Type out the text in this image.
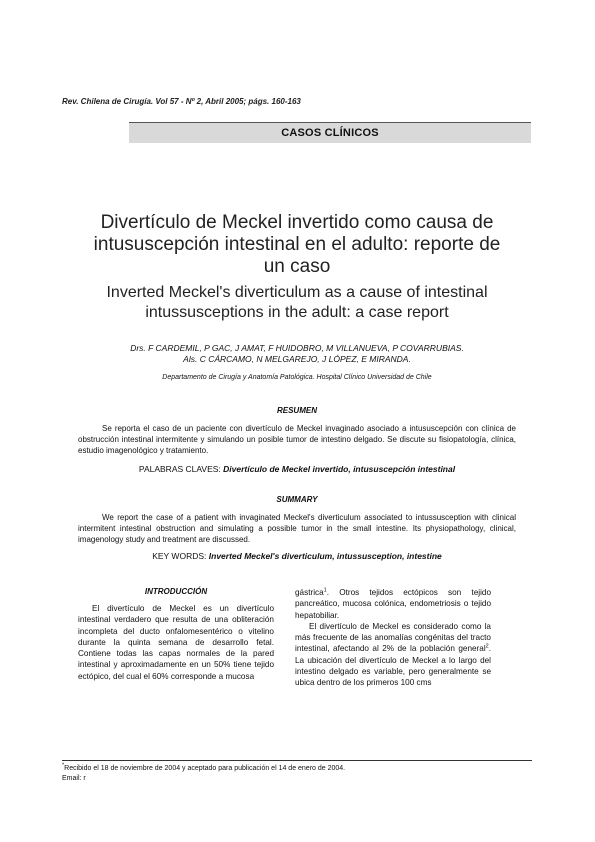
Rev. Chilena de Cirugía. Vol 57 - Nº 2, Abril 2005; págs. 160-163
CASOS CLÍNICOS
Divertículo de Meckel invertido como causa de
intususcepción intestinal en el adulto: reporte de
un caso
Inverted Meckel's diverticulum as a cause of intestinal
intussusceptions in the adult: a case report
Drs. F CARDEMIL, P GAC, J AMAT, F HUIDOBRO, M VILLANUEVA, P COVARRUBIAS.
Als. C CÁRCAMO, N MELGAREJO, J LÓPEZ, E MIRANDA.
Departamento de Cirugía y Anatomía Patológica. Hospital Clínico Universidad de Chile
RESUMEN
Se reporta el caso de un paciente con divertículo de Meckel invaginado asociado a intususcepción con clínica de obstrucción intestinal intermitente y simulando un posible tumor de intestino delgado. Se discute su fisiopatología, clínica, estudio imagenológico y tratamiento.
PALABRAS CLAVES: Divertículo de Meckel invertido, intususcepción intestinal
SUMMARY
We report the case of a patient with invaginated Meckel's diverticulum associated to intussusception with clinical intermitent intestinal obstruction and simulating a possible tumor in the small intestine. Its physiopathology, clinical, imagenology study and treatment are discussed.
KEY WORDS: Inverted Meckel's diverticulum, intussusception, intestine
INTRODUCCIÓN

El divertículo de Meckel es un divertículo intestinal verdadero que resulta de una obliteración incompleta del ducto onfalomesentérico o vitelino durante la quinta semana de desarrollo fetal. Contiene todas las capas normales de la pared intestinal y aproximadamente en un 50% tiene tejido ectópico, del cual el 60% corresponde a mucosa

gástrica$^1$. Otros tejidos ectópicos son tejido pancreático, mucosa colónica, endometriosis o tejido hepatobiliar.

El divertículo de Meckel es considerado como la más frecuente de las anomalías congénitas del tracto intestinal, afectando al 2% de la población general$^2$. La ubicación del divertículo de Meckel a lo largo del intestino delgado es variable, pero generalmente se ubica dentro de los primeros 100 cms

*Recibido el 18 de noviembre de 2004 y aceptado para publicación el 14 de enero de 2004.
Email: r
